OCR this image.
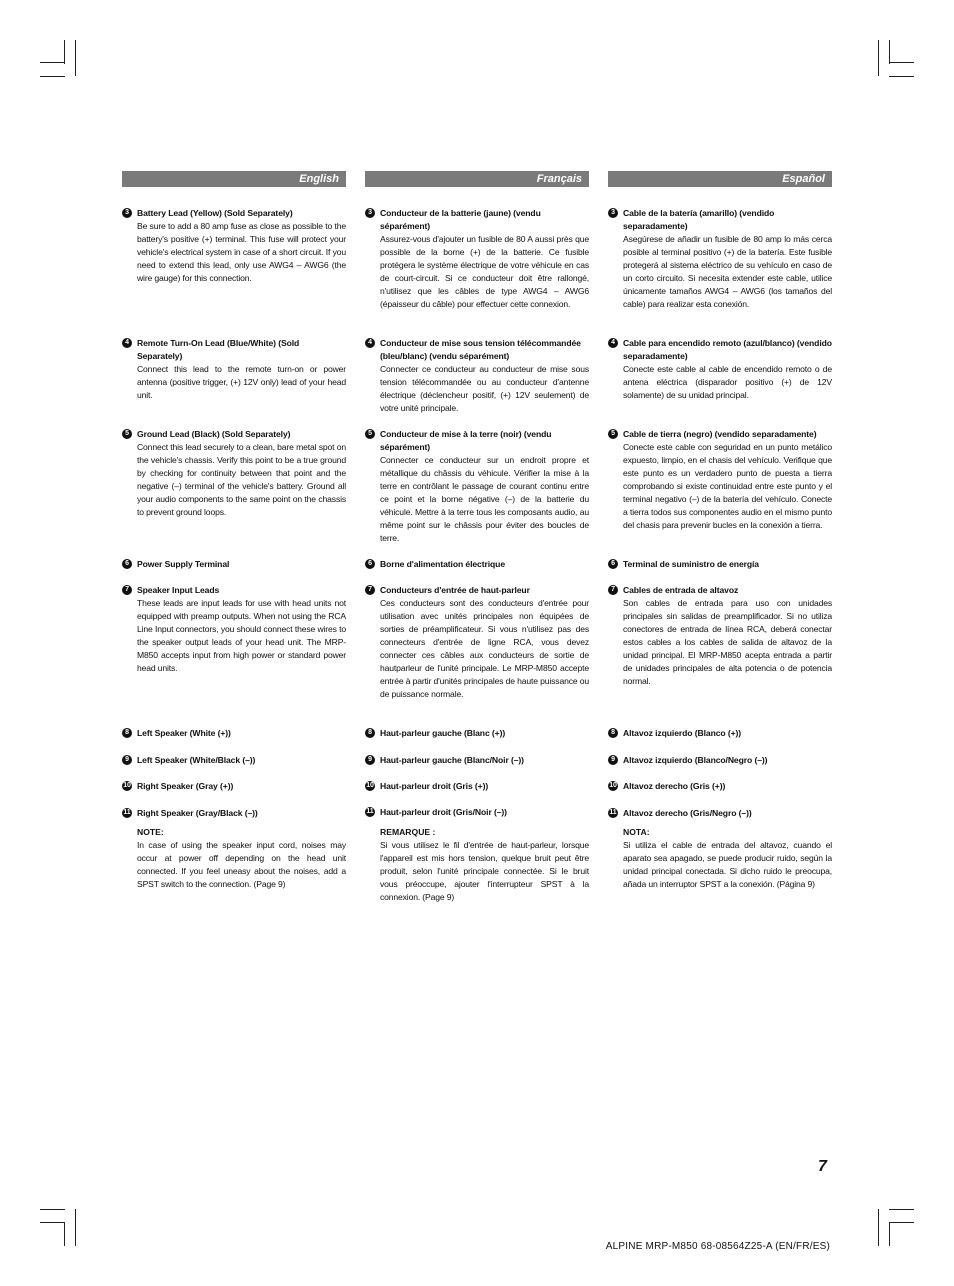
English
3 Battery Lead (Yellow) (Sold Separately)
Be sure to add a 80 amp fuse as close as possible to the battery's positive (+) terminal. This fuse will protect your vehicle's electrical system in case of a short circuit. If you need to extend this lead, only use AWG4 – AWG6 (the wire gauge) for this connection.
4 Remote Turn-On Lead (Blue/White) (Sold Separately)
Connect this lead to the remote turn-on or power antenna (positive trigger, (+) 12V only) lead of your head unit.
5 Ground Lead (Black) (Sold Separately)
Connect this lead securely to a clean, bare metal spot on the vehicle's chassis. Verify this point to be a true ground by checking for continuity between that point and the negative (–) terminal of the vehicle's battery. Ground all your audio components to the same point on the chassis to prevent ground loops.
6 Power Supply Terminal
7 Speaker Input Leads
These leads are input leads for use with head units not equipped with preamp outputs. When not using the RCA Line Input connectors, you should connect these wires to the speaker output leads of your head unit. The MRP-M850 accepts input from high power or standard power head units.
8 Left Speaker (White (+))
9 Left Speaker (White/Black (–))
10 Right Speaker (Gray (+))
11 Right Speaker (Gray/Black (–))
NOTE:
In case of using the speaker input cord, noises may occur at power off depending on the head unit connected. If you feel uneasy about the noises, add a SPST switch to the connection. (Page 9)
Français
3 Conducteur de la batterie (jaune) (vendu séparément)
Assurez-vous d'ajouter un fusible de 80 A aussi près que possible de la borne (+) de la batterie. Ce fusible protégera le système électrique de votre véhicule en cas de court-circuit. Si ce conducteur doit être rallongé, n'utilisez que les câbles de type AWG4 – AWG6 (épaisseur du câble) pour effectuer cette connexion.
4 Conducteur de mise sous tension télécommandée (bleu/blanc) (vendu séparément)
Connecter ce conducteur au conducteur de mise sous tension télécommandée ou au conducteur d'antenne électrique (déclencheur positif, (+) 12V seulement) de votre unité principale.
5 Conducteur de mise à la terre (noir) (vendu séparément)
Connecter ce conducteur sur un endroit propre et métallique du châssis du véhicule. Vérifier la mise à la terre en contrôlant le passage de courant continu entre ce point et la borne négative (–) de la batterie du véhicule. Mettre à la terre tous les composants audio, au même point sur le châssis pour éviter des boucles de terre.
6 Borne d'alimentation électrique
7 Conducteurs d'entrée de haut-parleur
Ces conducteurs sont des conducteurs d'entrée pour utilisation avec unités principales non équipées de sorties de préamplificateur. Si vous n'utilisez pas des connecteurs d'entrée de ligne RCA, vous devez connecter ces câbles aux conducteurs de sortie de hautparleur de l'unité principale. Le MRP-M850 accepte entrée à partir d'unités principales de haute puissance ou de puissance normale.
8 Haut-parleur gauche (Blanc (+))
9 Haut-parleur gauche (Blanc/Noir (–))
10 Haut-parleur droit (Gris (+))
11 Haut-parleur droit (Gris/Noir (–))
REMARQUE :
Si vous utilisez le fil d'entrée de haut-parleur, lorsque l'appareil est mis hors tension, quelque bruit peut être produit, selon l'unité principale connectée. Si le bruit vous préoccupe, ajouter l'interrupteur SPST à la connexion. (Page 9)
Español
3 Cable de la batería (amarillo) (vendido separadamente)
Asegúrese de añadir un fusible de 80 amp lo más cerca posible al terminal positivo (+) de la batería. Este fusible protegerá al sistema eléctrico de su vehículo en caso de un corto circuito. Si necesita extender este cable, utilice únicamente tamaños AWG4 – AWG6 (los tamaños del cable) para realizar esta conexión.
4 Cable para encendido remoto (azul/blanco) (vendido separadamente)
Conecte este cable al cable de encendido remoto o de antena eléctrica (disparador positivo (+) de 12V solamente) de su unidad principal.
5 Cable de tierra (negro) (vendido separadamente)
Conecte este cable con seguridad en un punto metálico expuesto, limpio, en el chasis del vehículo. Verifique que este punto es un verdadero punto de puesta a tierra comprobando si existe continuidad entre este punto y el terminal negativo (–) de la batería del vehículo. Conecte a tierra todos sus componentes audio en el mismo punto del chasis para prevenir bucles en la conexión a tierra.
6 Terminal de suministro de energía
7 Cables de entrada de altavoz
Son cables de entrada para uso con unidades principales sin salidas de preamplificador. Si no utiliza conectores de entrada de línea RCA, deberá conectar estos cables a los cables de salida de altavoz de la unidad principal. El MRP-M850 acepta entrada a partir de unidades principales de alta potencia o de potencia normal.
8 Altavoz izquierdo (Blanco (+))
9 Altavoz izquierdo (Blanco/Negro (–))
10 Altavoz derecho (Gris (+))
11 Altavoz derecho (Gris/Negro (–))
NOTA:
Si utiliza el cable de entrada del altavoz, cuando el aparato sea apagado, se puede producir ruido, según la unidad principal conectada. Si dicho ruido le preocupa, añada un interruptor SPST a la conexión. (Página 9)
7
ALPINE MRP-M850 68-08564Z25-A (EN/FR/ES)
